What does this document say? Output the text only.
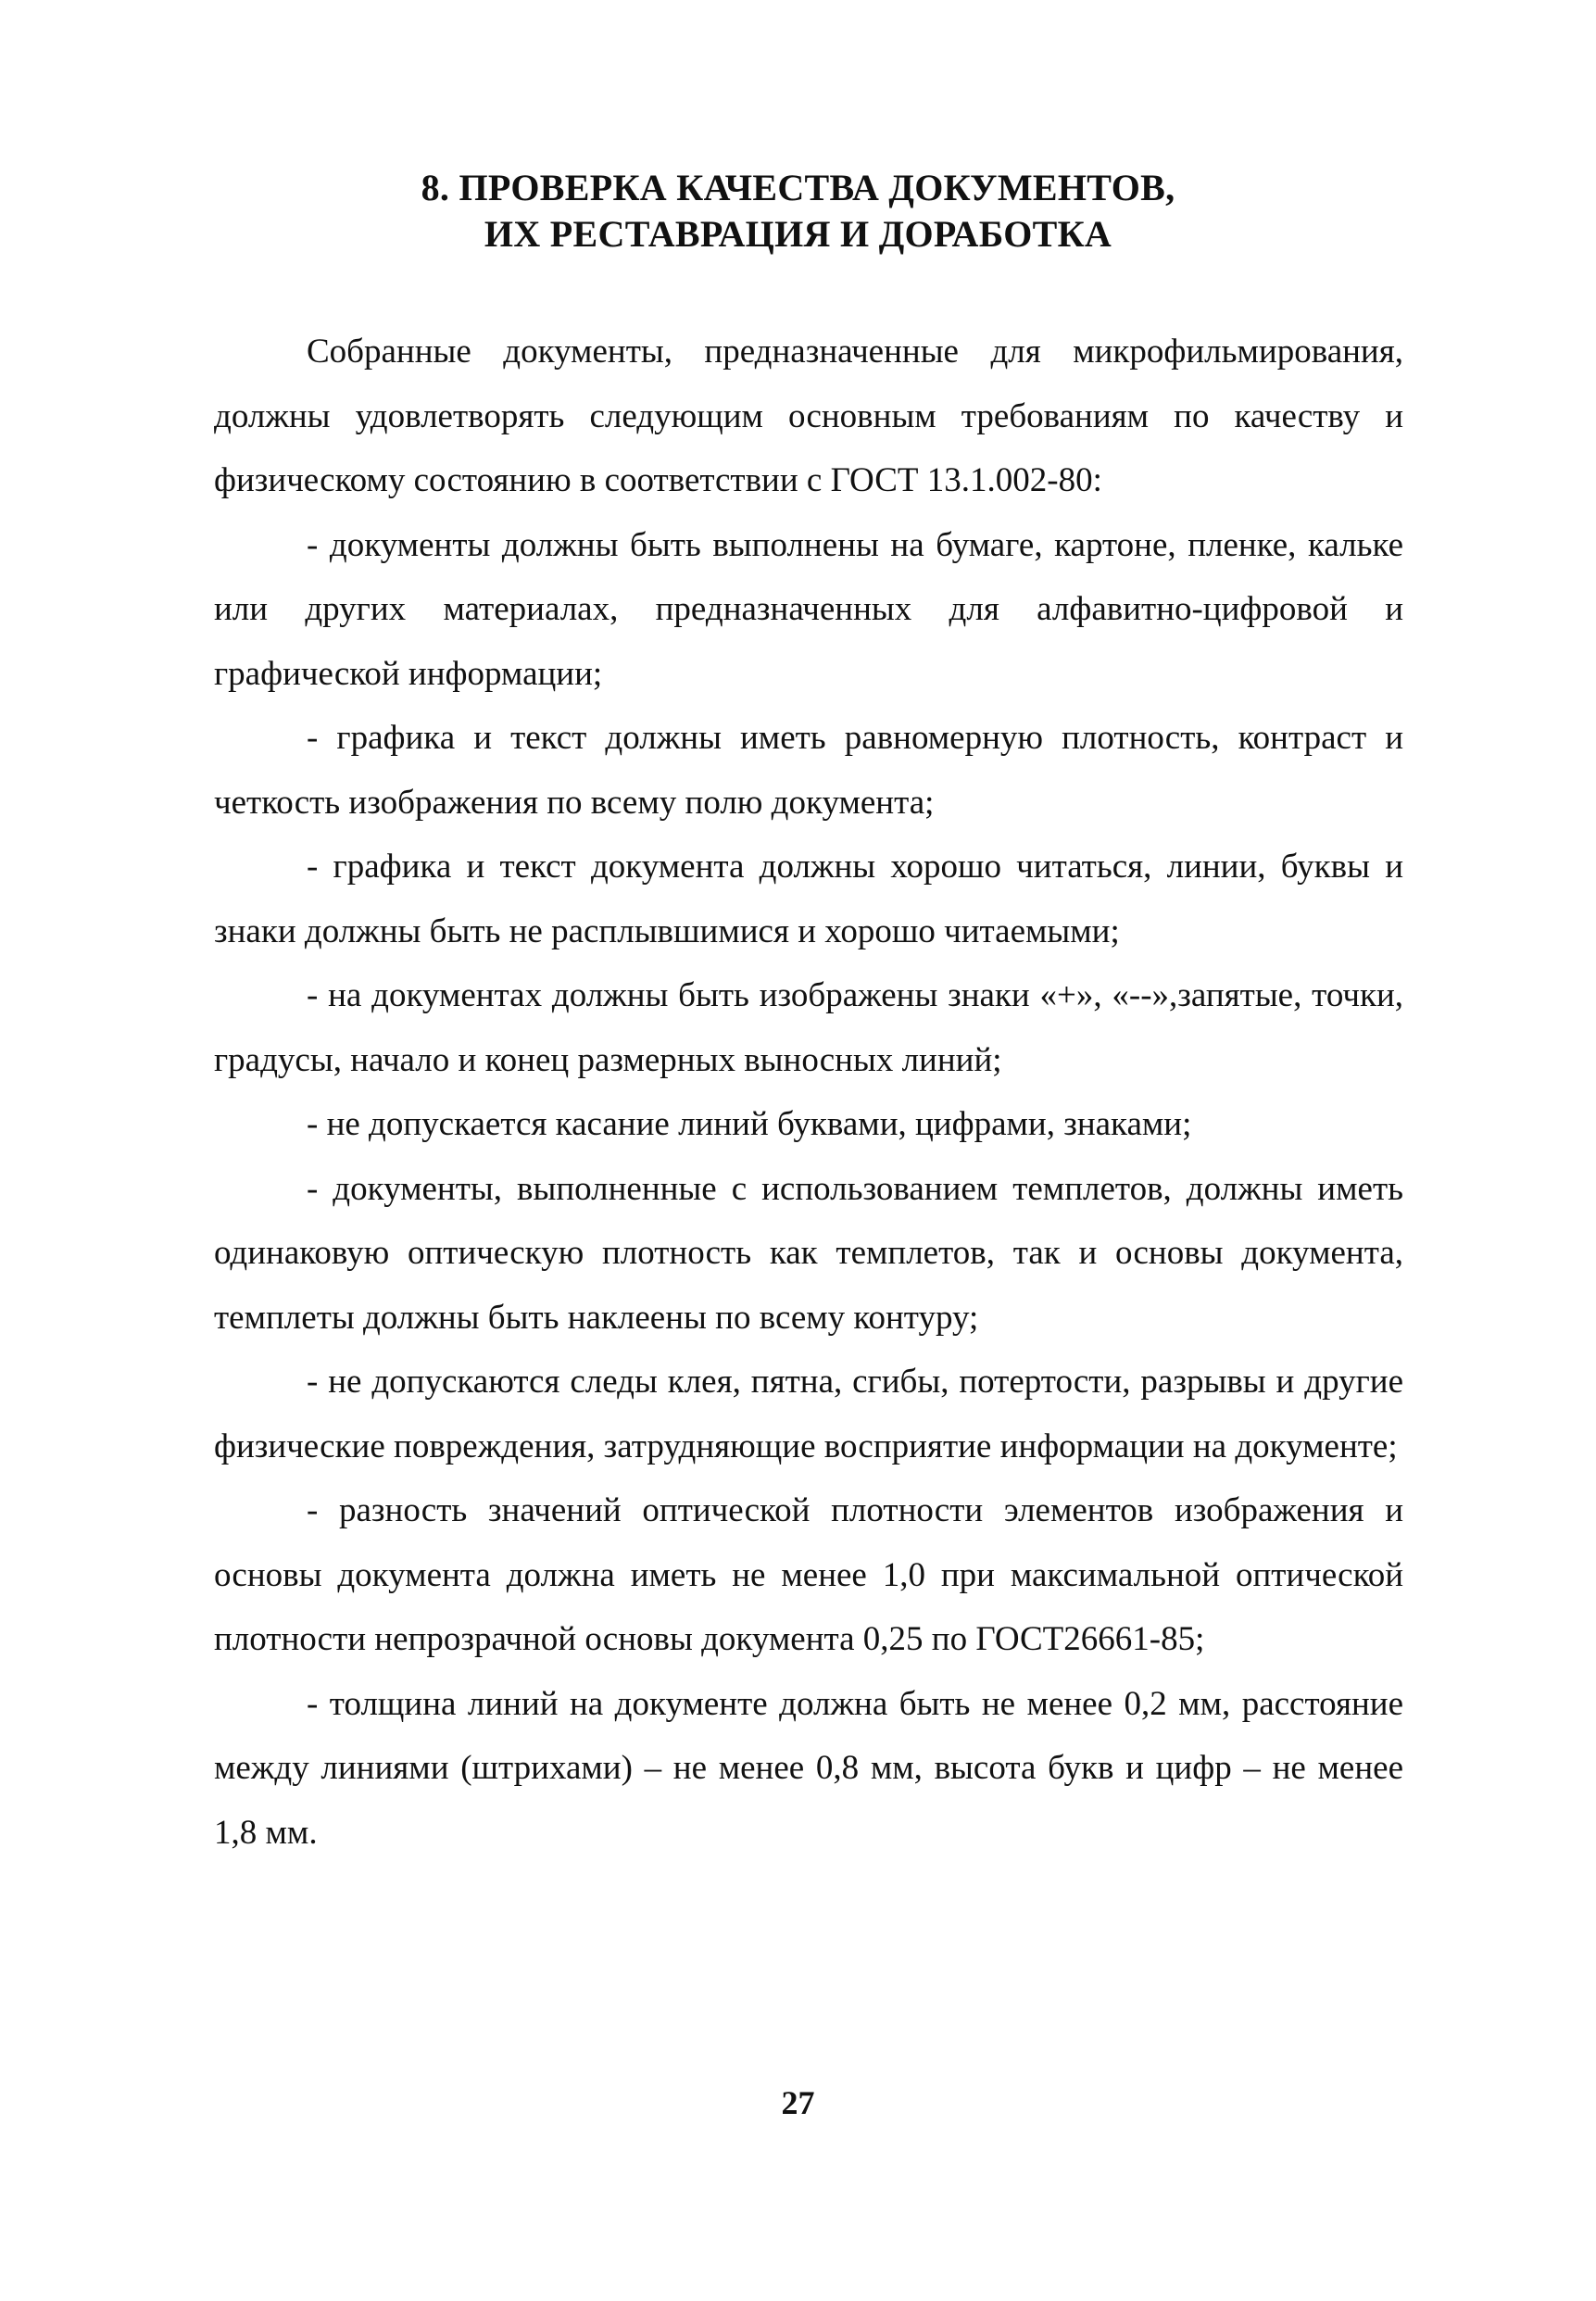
8. ПРОВЕРКА КАЧЕСТВА ДОКУМЕНТОВ,
ИХ РЕСТАВРАЦИЯ И ДОРАБОТКА

Собранные документы, предназначенные для микрофильмирования, должны удовлетворять следующим основным требованиям по качеству и физическому состоянию в соответствии с ГОСТ 13.1.002-80:

- документы должны быть выполнены на бумаге, картоне, пленке, кальке или других материалах, предназначенных для алфавитно-цифровой и графической информации;

- графика и текст должны иметь равномерную плотность, контраст и четкость изображения по всему полю документа;

- графика и текст документа должны хорошо читаться, линии, буквы и знаки должны быть не расплывшимися и хорошо читаемыми;

- на документах должны быть изображены знаки «+», «--»,запятые, точки, градусы, начало и конец размерных выносных линий;

- не допускается касание линий буквами, цифрами, знаками;

- документы, выполненные с использованием темплетов, должны иметь одинаковую оптическую плотность как темплетов, так и основы документа, темплеты должны быть наклеены по всему контуру;

- не допускаются следы клея, пятна, сгибы, потертости, разрывы и другие физические повреждения, затрудняющие восприятие информации на документе;

- разность значений оптической плотности элементов изображения и основы документа должна иметь не менее 1,0 при максимальной оптической плотности непрозрачной основы документа 0,25 по ГОСТ26661-85;

- толщина линий на документе должна быть не менее 0,2 мм, расстояние между линиями (штрихами) – не менее 0,8 мм, высота букв и цифр – не менее 1,8 мм.

27
